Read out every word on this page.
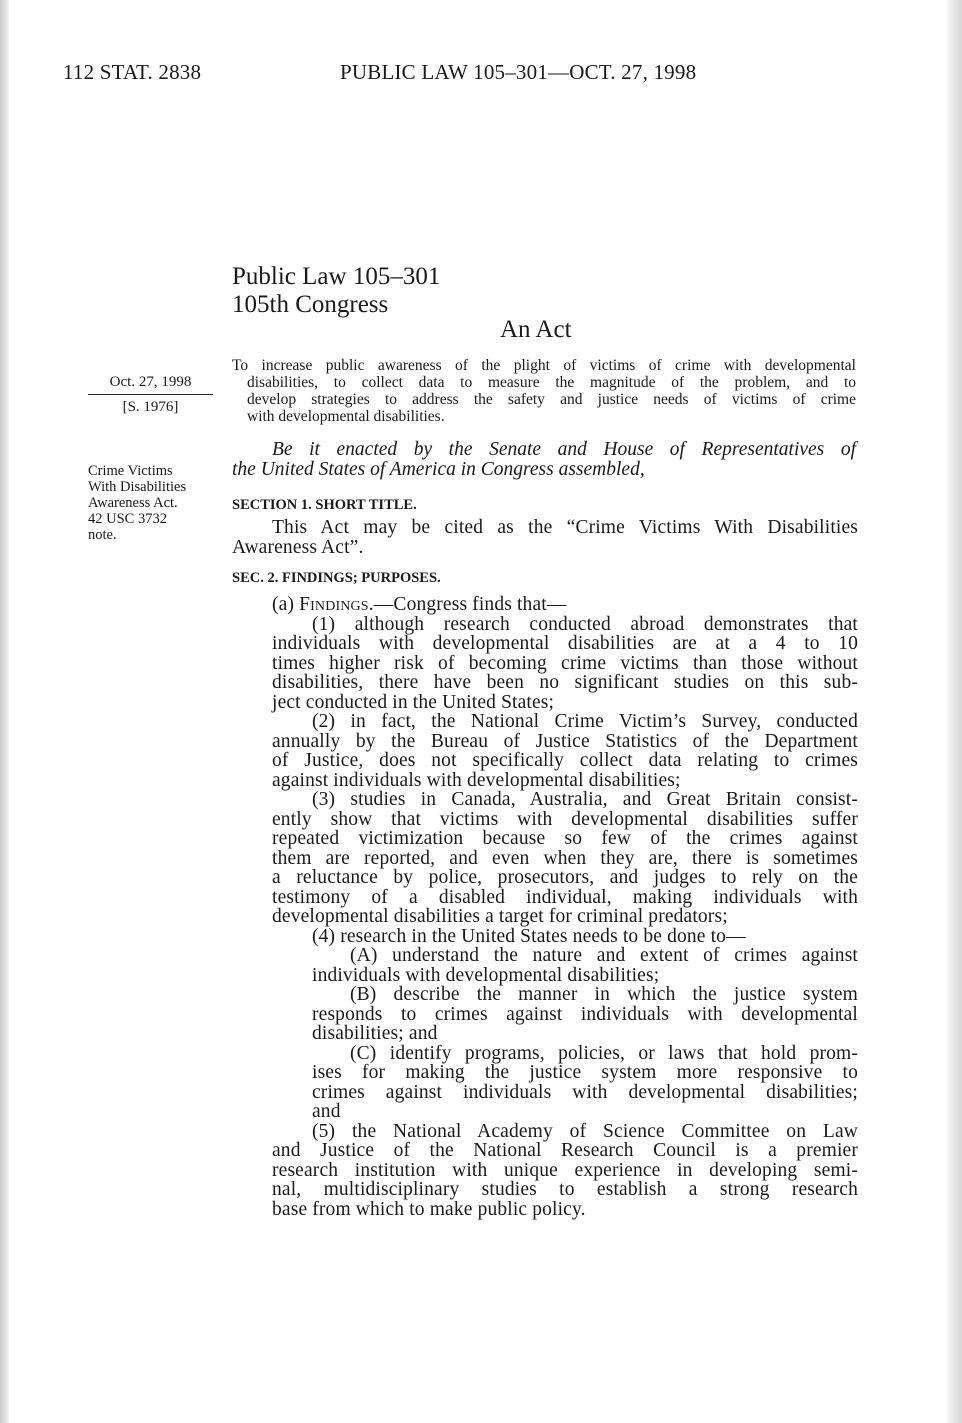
112 STAT. 2838	PUBLIC LAW 105–301—OCT. 27, 1998
Public Law 105–301
105th Congress
An Act
Oct. 27, 1998
[S. 1976]
To increase public awareness of the plight of victims of crime with developmental
disabilities, to collect data to measure the magnitude of the problem, and to
develop strategies to address the safety and justice needs of victims of crime
with developmental disabilities.
Crime Victims
With Disabilities
Awareness Act.
42 USC 3732
note.
Be it enacted by the Senate and House of Representatives of
the United States of America in Congress assembled,
SECTION 1. SHORT TITLE.
This Act may be cited as the “Crime Victims With Disabilities
Awareness Act”.
SEC. 2. FINDINGS; PURPOSES.
(a) Findings.—Congress finds that—
(1) although research conducted abroad demonstrates that
individuals with developmental disabilities are at a 4 to 10
times higher risk of becoming crime victims than those without
disabilities, there have been no significant studies on this sub-
ject conducted in the United States;
(2) in fact, the National Crime Victim’s Survey, conducted
annually by the Bureau of Justice Statistics of the Department
of Justice, does not specifically collect data relating to crimes
against individuals with developmental disabilities;
(3) studies in Canada, Australia, and Great Britain consist-
ently show that victims with developmental disabilities suffer
repeated victimization because so few of the crimes against
them are reported, and even when they are, there is sometimes
a reluctance by police, prosecutors, and judges to rely on the
testimony of a disabled individual, making individuals with
developmental disabilities a target for criminal predators;
(4) research in the United States needs to be done to—
(A) understand the nature and extent of crimes against
individuals with developmental disabilities;
(B) describe the manner in which the justice system
responds to crimes against individuals with developmental
disabilities; and
(C) identify programs, policies, or laws that hold prom-
ises for making the justice system more responsive to
crimes against individuals with developmental disabilities;
and
(5) the National Academy of Science Committee on Law
and Justice of the National Research Council is a premier
research institution with unique experience in developing semi-
nal, multidisciplinary studies to establish a strong research
base from which to make public policy.
